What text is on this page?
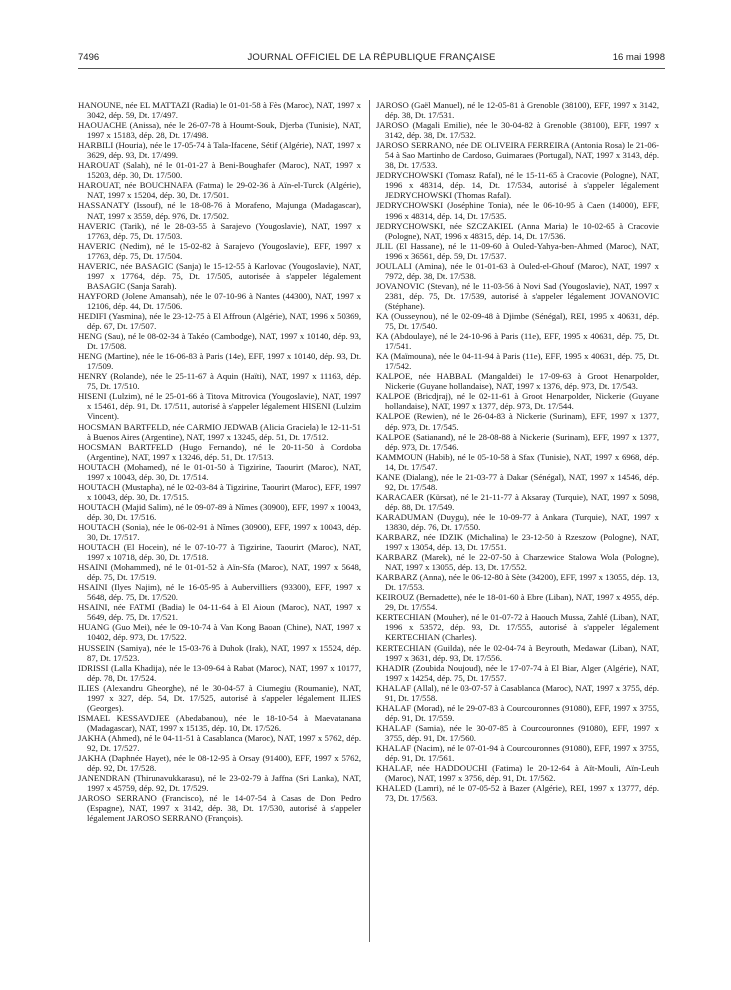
7496	JOURNAL OFFICIEL DE LA RÉPUBLIQUE FRANÇAISE	16 mai 1998

HANOUNE, née EL MATTAZI (Radia) le 01-01-58 à Fès (Maroc), NAT, 1997 x 3042, dép. 59, Dt. 17/497.

HAOUACHE (Anissa), née le 26-07-78 à Houmt-Souk, Djerba (Tunisie), NAT, 1997 x 15183, dép. 28, Dt. 17/498.

HARBILI (Houria), née le 17-05-74 à Tala-Ifacene, Sétif (Algérie), NAT, 1997 x 3629, dép. 93, Dt. 17/499.

HAROUAT (Salah), né le 01-01-27 à Beni-Boughafer (Maroc), NAT, 1997 x 15203, dép. 30, Dt. 17/500.

HAROUAT, née BOUCHNAFA (Fatma) le 29-02-36 à Aïn-el-Turck (Algérie), NAT, 1997 x 15204, dép. 30, Dt. 17/501.

HASSANATY (Issouf), né le 18-08-76 à Morafeno, Majunga (Madagascar), NAT, 1997 x 3559, dép. 976, Dt. 17/502.

HAVERIC (Tarik), né le 28-03-55 à Sarajevo (Yougoslavie), NAT, 1997 x 17763, dép. 75, Dt. 17/503.

HAVERIC (Nedim), né le 15-02-82 à Sarajevo (Yougoslavie), EFF, 1997 x 17763, dép. 75, Dt. 17/504.

HAVERIC, née BASAGIC (Sanja) le 15-12-55 à Karlovac (Yougoslavie), NAT, 1997 x 17764, dép. 75, Dt. 17/505, autorisée à s'appeler légalement BASAGIC (Sanja Sarah).

HAYFORD (Jolene Amansah), née le 07-10-96 à Nantes (44300), NAT, 1997 x 12106, dép. 44, Dt. 17/506.

HEDIFI (Yasmina), née le 23-12-75 à El Affroun (Algérie), NAT, 1996 x 50369, dép. 67, Dt. 17/507.

HENG (Sau), né le 08-02-34 à Takéo (Cambodge), NAT, 1997 x 10140, dép. 93, Dt. 17/508.

HENG (Martine), née le 16-06-83 à Paris (14e), EFF, 1997 x 10140, dép. 93, Dt. 17/509.

HENRY (Rolande), née le 25-11-67 à Aquin (Haïti), NAT, 1997 x 11163, dép. 75, Dt. 17/510.

HISENI (Lulzim), né le 25-01-66 à Titova Mitrovica (Yougoslavie), NAT, 1997 x 15461, dép. 91, Dt. 17/511, autorisé à s'appeler légalement HISENI (Lulzim Vincent).

HOCSMAN BARTFELD, née CARMIO JEDWAB (Alicia Graciela) le 12-11-51 à Buenos Aires (Argentine), NAT, 1997 x 13245, dép. 51, Dt. 17/512.

HOCSMAN BARTFELD (Hugo Fernando), né le 20-11-50 à Cordoba (Argentine), NAT, 1997 x 13246, dép. 51, Dt. 17/513.

HOUTACH (Mohamed), né le 01-01-50 à Tigzirine, Taourirt (Maroc), NAT, 1997 x 10043, dép. 30, Dt. 17/514.

HOUTACH (Mustapha), né le 02-03-84 à Tigzirine, Taourirt (Maroc), EFF, 1997 x 10043, dép. 30, Dt. 17/515.

HOUTACH (Majid Salim), né le 09-07-89 à Nîmes (30900), EFF, 1997 x 10043, dép. 30, Dt. 17/516.

HOUTACH (Sonia), née le 06-02-91 à Nîmes (30900), EFF, 1997 x 10043, dép. 30, Dt. 17/517.

HOUTACH (El Hocein), né le 07-10-77 à Tigzirine, Taourirt (Maroc), NAT, 1997 x 10718, dép. 30, Dt. 17/518.

HSAINI (Mohammed), né le 01-01-52 à Aïn-Sfa (Maroc), NAT, 1997 x 5648, dép. 75, Dt. 17/519.

HSAINI (Ilyes Najim), né le 16-05-95 à Aubervilliers (93300), EFF, 1997 x 5648, dép. 75, Dt. 17/520.

HSAINI, née FATMI (Badia) le 04-11-64 à El Aioun (Maroc), NAT, 1997 x 5649, dép. 75, Dt. 17/521.

HUANG (Guo Mei), née le 09-10-74 à Van Kong Baoan (Chine), NAT, 1997 x 10402, dép. 973, Dt. 17/522.

HUSSEIN (Samiya), née le 15-03-76 à Duhok (Irak), NAT, 1997 x 15524, dép. 87, Dt. 17/523.

IDRISSI (Lalla Khadija), née le 13-09-64 à Rabat (Maroc), NAT, 1997 x 10177, dép. 78, Dt. 17/524.

ILIES (Alexandru Gheorghe), né le 30-04-57 à Ciumegiu (Roumanie), NAT, 1997 x 327, dép. 54, Dt. 17/525, autorisé à s'appeler légalement ILIES (Georges).

ISMAEL KESSAVDJEE (Abedabanou), née le 18-10-54 à Maevatanana (Madagascar), NAT, 1997 x 15135, dép. 10, Dt. 17/526.

JAKHA (Ahmed), né le 04-11-51 à Casablanca (Maroc), NAT, 1997 x 5762, dép. 92, Dt. 17/527.

JAKHA (Daphnée Hayet), née le 08-12-95 à Orsay (91400), EFF, 1997 x 5762, dép. 92, Dt. 17/528.

JANENDRAN (Thirunavukkarasu), né le 23-02-79 à Jaffna (Sri Lanka), NAT, 1997 x 45759, dép. 92, Dt. 17/529.

JAROSO SERRANO (Francisco), né le 14-07-54 à Casas de Don Pedro (Espagne), NAT, 1997 x 3142, dép. 38, Dt. 17/530, autorisé à s'appeler légalement JAROSO SERRANO (François).

JAROSO (Gaël Manuel), né le 12-05-81 à Grenoble (38100), EFF, 1997 x 3142, dép. 38, Dt. 17/531.

JAROSO (Magali Emilie), née le 30-04-82 à Grenoble (38100), EFF, 1997 x 3142, dép. 38, Dt. 17/532.

JAROSO SERRANO, née DE OLIVEIRA FERREIRA (Antonia Rosa) le 21-06-54 à Sao Martinho de Cardoso, Guimaraes (Portugal), NAT, 1997 x 3143, dép. 38, Dt. 17/533.

JEDRYCHOWSKI (Tomasz Rafal), né le 15-11-65 à Cracovie (Pologne), NAT, 1996 x 48314, dép. 14, Dt. 17/534, autorisé à s'appeler légalement JEDRYCHOWSKI (Thomas Rafal).

JEDRYCHOWSKI (Joséphine Tonia), née le 06-10-95 à Caen (14000), EFF, 1996 x 48314, dép. 14, Dt. 17/535.

JEDRYCHOWSKI, née SZCZAKIEL (Anna Maria) le 10-02-65 à Cracovie (Pologne), NAT, 1996 x 48315, dép. 14, Dt. 17/536.

JLIL (El Hassane), né le 11-09-60 à Ouled-Yahya-ben-Ahmed (Maroc), NAT, 1996 x 36561, dép. 59, Dt. 17/537.

JOULALI (Amina), née le 01-01-63 à Ouled-el-Ghouf (Maroc), NAT, 1997 x 7972, dép. 38, Dt. 17/538.

JOVANOVIC (Stevan), né le 11-03-56 à Novi Sad (Yougoslavie), NAT, 1997 x 2381, dép. 75, Dt. 17/539, autorisé à s'appeler légalement JOVANOVIC (Stéphane).

KA (Ousseynou), né le 02-09-48 à Djimbe (Sénégal), REI, 1995 x 40631, dép. 75, Dt. 17/540.

KA (Abdoulaye), né le 24-10-96 à Paris (11e), EFF, 1995 x 40631, dép. 75, Dt. 17/541.

KA (Maïmouna), née le 04-11-94 à Paris (11e), EFF, 1995 x 40631, dép. 75, Dt. 17/542.

KALPOE, née HABBAL (Mangaldei) le 17-09-63 à Groot Henarpolder, Nickerie (Guyane hollandaise), NAT, 1997 x 1376, dép. 973, Dt. 17/543.

KALPOE (Bricdjraj), né le 02-11-61 à Groot Henarpolder, Nickerie (Guyane hollandaise), NAT, 1997 x 1377, dép. 973, Dt. 17/544.

KALPOE (Rewien), né le 26-04-83 à Nickerie (Surinam), EFF, 1997 x 1377, dép. 973, Dt. 17/545.

KALPOE (Satianand), né le 28-08-88 à Nickerie (Surinam), EFF, 1997 x 1377, dép. 973, Dt. 17/546.

KAMMOUN (Habib), né le 05-10-58 à Sfax (Tunisie), NAT, 1997 x 6968, dép. 14, Dt. 17/547.

KANE (Dialang), née le 21-03-77 à Dakar (Sénégal), NAT, 1997 x 14546, dép. 92, Dt. 17/548.

KARACAER (Kürsat), né le 21-11-77 à Aksaray (Turquie), NAT, 1997 x 5098, dép. 88, Dt. 17/549.

KARADUMAN (Duygu), née le 10-09-77 à Ankara (Turquie), NAT, 1997 x 13830, dép. 76, Dt. 17/550.

KARBARZ, née IDZIK (Michalina) le 23-12-50 à Rzeszow (Pologne), NAT, 1997 x 13054, dép. 13, Dt. 17/551.

KARBARZ (Marek), né le 22-07-50 à Charzewice Stalowa Wola (Pologne), NAT, 1997 x 13055, dép. 13, Dt. 17/552.

KARBARZ (Anna), née le 06-12-80 à Sète (34200), EFF, 1997 x 13055, dép. 13, Dt. 17/553.

KEIROUZ (Bernadette), née le 18-01-60 à Ebre (Liban), NAT, 1997 x 4955, dép. 29, Dt. 17/554.

KERTECHIAN (Mouher), né le 01-07-72 à Haouch Mussa, Zahlé (Liban), NAT, 1996 x 53572, dép. 93, Dt. 17/555, autorisé à s'appeler légalement KERTECHIAN (Charles).

KERTECHIAN (Guilda), née le 02-04-74 à Beyrouth, Medawar (Liban), NAT, 1997 x 3631, dép. 93, Dt. 17/556.

KHADIR (Zoubida Noujoud), née le 17-07-74 à El Biar, Alger (Algérie), NAT, 1997 x 14254, dép. 75, Dt. 17/557.

KHALAF (Allal), né le 03-07-57 à Casablanca (Maroc), NAT, 1997 x 3755, dép. 91, Dt. 17/558.

KHALAF (Morad), né le 29-07-83 à Courcouronnes (91080), EFF, 1997 x 3755, dép. 91, Dt. 17/559.

KHALAF (Samia), née le 30-07-85 à Courcouronnes (91080), EFF, 1997 x 3755, dép. 91, Dt. 17/560.

KHALAF (Nacim), né le 07-01-94 à Courcouronnes (91080), EFF, 1997 x 3755, dép. 91, Dt. 17/561.

KHALAF, née HADDOUCHI (Fatima) le 20-12-64 à Aït-Mouli, Aïn-Leuh (Maroc), NAT, 1997 x 3756, dép. 91, Dt. 17/562.

KHALED (Lamri), né le 07-05-52 à Bazer (Algérie), REI, 1997 x 13777, dép. 73, Dt. 17/563.
